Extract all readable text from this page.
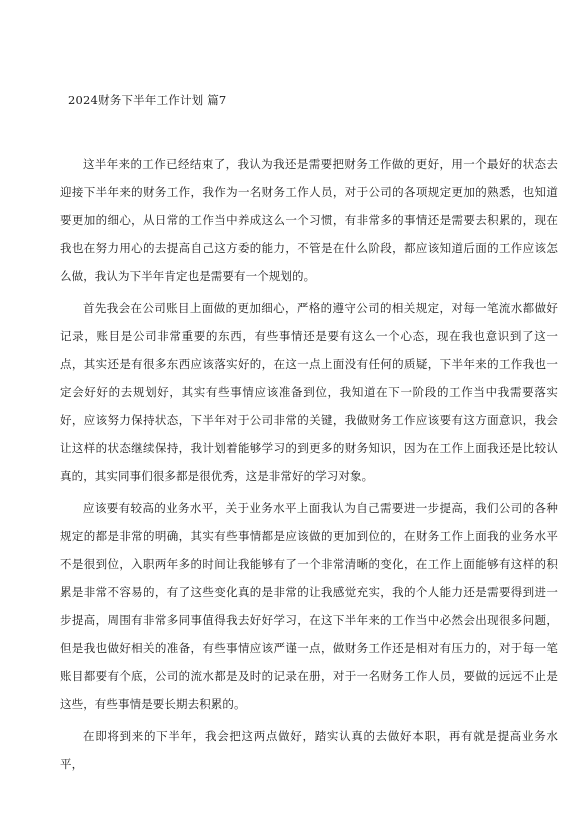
2024财务下半年工作计划 篇7

这半年来的工作已经结束了，我认为我还是需要把财务工作做的更好，用一个最好的状态去迎接下半年来的财务工作，我作为一名财务工作人员，对于公司的各项规定更加的熟悉，也知道要更加的细心，从日常的工作当中养成这么一个习惯，有非常多的事情还是需要去积累的，现在我也在努力用心的去提高自己这方委的能力，不管是在什么阶段，都应该知道后面的工作应该怎么做，我认为下半年肯定也是需要有一个规划的。

首先我会在公司账目上面做的更加细心，严格的遵守公司的相关规定，对每一笔流水都做好记录，账目是公司非常重要的东西，有些事情还是要有这么一个心态，现在我也意识到了这一点，其实还是有很多东西应该落实好的，在这一点上面没有任何的质疑，下半年来的工作我也一定会好好的去规划好，其实有些事情应该准备到位，我知道在下一阶段的工作当中我需要落实好，应该努力保持状态，下半年对于公司非常的关键，我做财务工作应该要有这方面意识，我会让这样的状态继续保持，我计划着能够学习的到更多的财务知识，因为在工作上面我还是比较认真的，其实同事们很多都是很优秀，这是非常好的学习对象。

应该要有较高的业务水平，关于业务水平上面我认为自己需要进一步提高，我们公司的各种规定的都是非常的明确，其实有些事情都是应该做的更加到位的，在财务工作上面我的业务水平不是很到位，入职两年多的时间让我能够有了一个非常清晰的变化，在工作上面能够有这样的积累是非常不容易的，有了这些变化真的是非常的让我感觉充实，我的个人能力还是需要得到进一步提高，周围有非常多同事值得我去好好学习，在这下半年来的工作当中必然会出现很多问题，但是我也做好相关的准备，有些事情应该严谨一点，做财务工作还是相对有压力的，对于每一笔账目都要有个底，公司的流水都是及时的记录在册，对于一名财务工作人员，要做的远远不止是这些，有些事情是要长期去积累的。

在即将到来的下半年，我会把这两点做好，踏实认真的去做好本职，再有就是提高业务水平，
